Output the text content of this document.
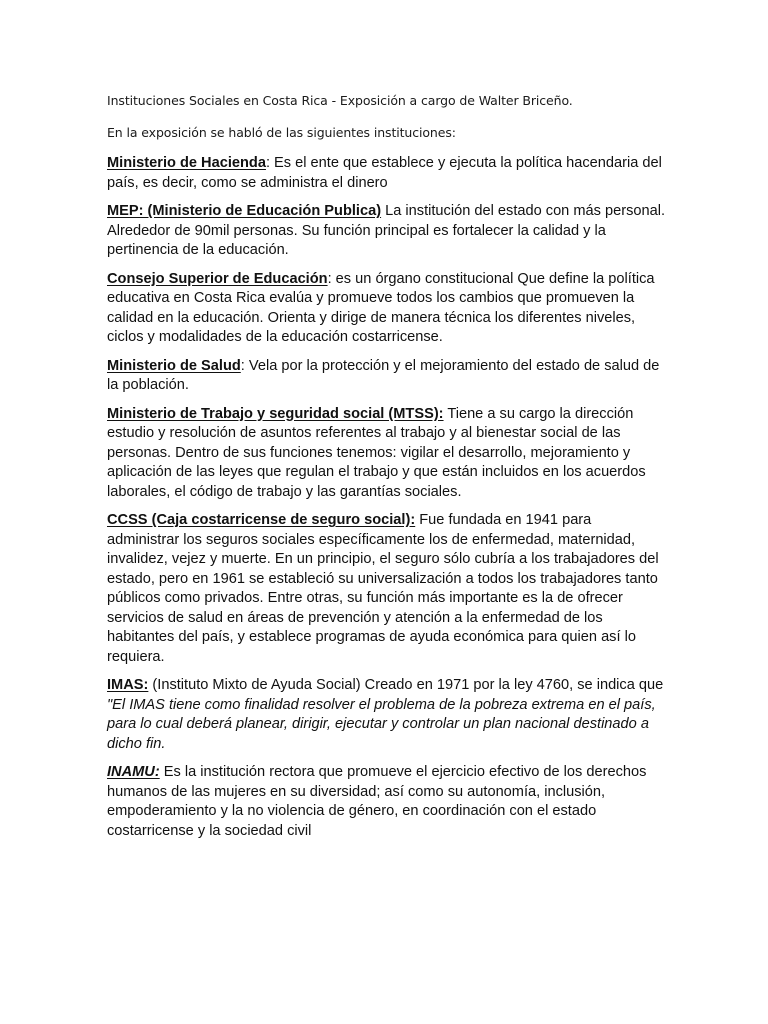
Instituciones Sociales en Costa Rica - Exposición a cargo de Walter Briceño.

En la exposición se habló de las siguientes instituciones:

Ministerio de Hacienda: Es el ente que establece y ejecuta la política hacendaria del país, es decir, como se administra el dinero

MEP: (Ministerio de Educación Publica) La institución del estado con más personal. Alrededor de 90mil personas. Su función principal es fortalecer la calidad y la pertinencia de la educación.

Consejo Superior de Educación: es un órgano constitucional Que define la política educativa en Costa Rica evalúa y promueve todos los cambios que promueven la calidad en la educación. Orienta y dirige de manera técnica los diferentes niveles, ciclos y modalidades de la educación costarricense.

Ministerio de Salud: Vela por la protección y el mejoramiento del estado de salud de la población.

Ministerio de Trabajo y seguridad social (MTSS): Tiene a su cargo la dirección estudio y resolución de asuntos referentes al trabajo y al bienestar social de las personas. Dentro de sus funciones tenemos: vigilar el desarrollo, mejoramiento y aplicación de las leyes que regulan el trabajo y que están incluidos en los acuerdos laborales, el código de trabajo y las garantías sociales.

CCSS (Caja costarricense de seguro social): Fue fundada en 1941 para administrar los seguros sociales específicamente los de enfermedad, maternidad, invalidez, vejez y muerte. En un principio, el seguro sólo cubría a los trabajadores del estado, pero en 1961 se estableció su universalización a todos los trabajadores tanto públicos como privados. Entre otras, su función más importante es la de ofrecer servicios de salud en áreas de prevención y atención a la enfermedad de los habitantes del país, y establece programas de ayuda económica para quien así lo requiera.

IMAS: (Instituto Mixto de Ayuda Social) Creado en 1971 por la ley 4760, se indica que "El IMAS tiene como finalidad resolver el problema de la pobreza extrema en el país, para lo cual deberá planear, dirigir, ejecutar y controlar un plan nacional destinado a dicho fin.

INAMU: Es la institución rectora que promueve el ejercicio efectivo de los derechos humanos de las mujeres en su diversidad; así como su autonomía, inclusión, empoderamiento y la no violencia de género, en coordinación con el estado costarricense y la sociedad civil
